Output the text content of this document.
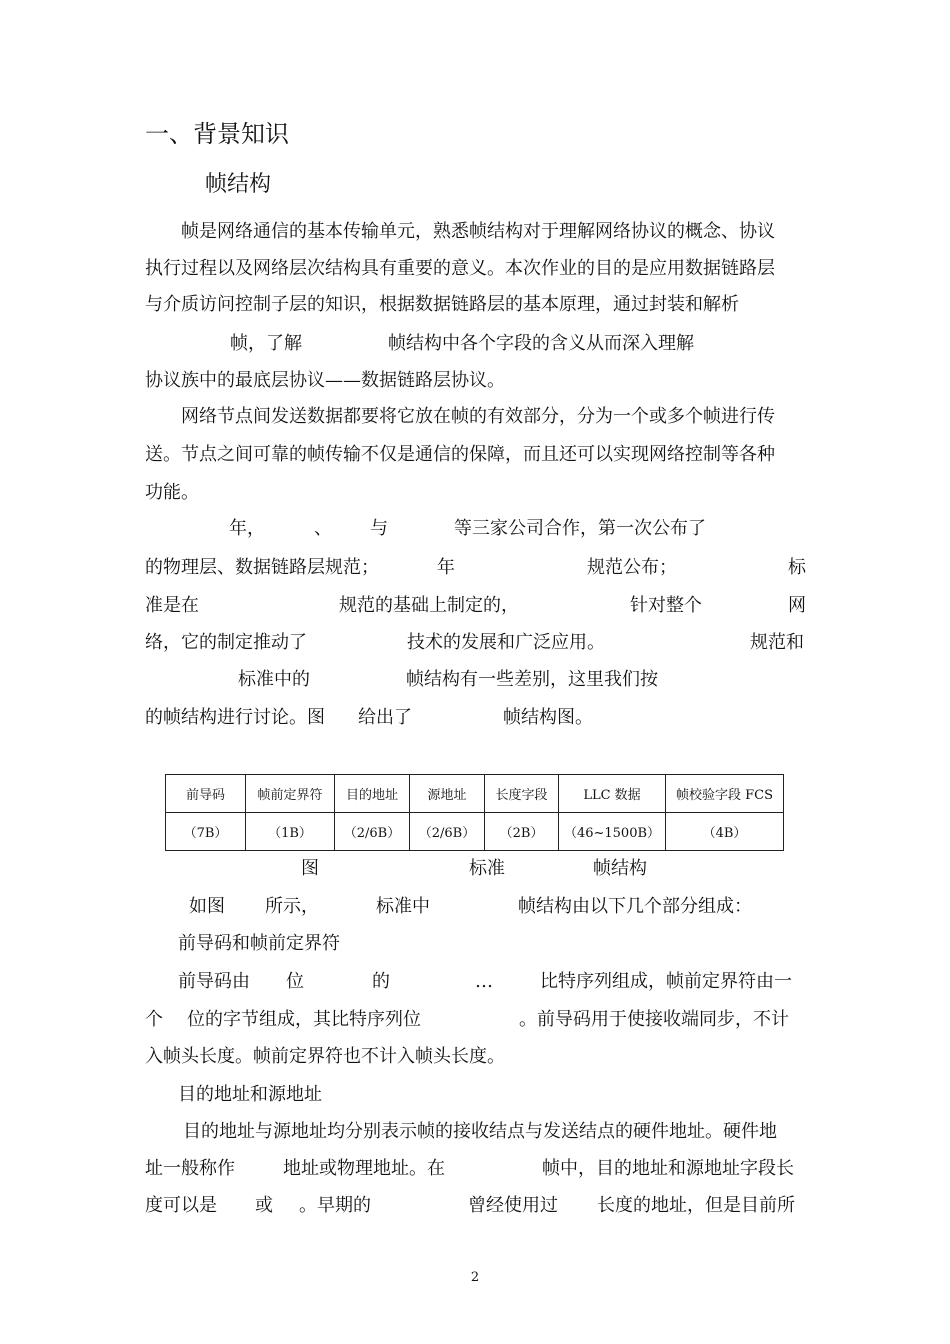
一、背景知识
帧结构
帧是网络通信的基本传输单元，熟悉帧结构对于理解网络协议的概念、协议
执行过程以及网络层次结构具有重要的意义。本次作业的目的是应用数据链路层
与介质访问控制子层的知识，根据数据链路层的基本原理，通过封装和解析
帧，了解	帧结构中各个字段的含义从而深入理解
协议族中的最底层协议——数据链路层协议。
网络节点间发送数据都要将它放在帧的有效部分，分为一个或多个帧进行传
送。节点之间可靠的帧传输不仅是通信的保障，而且还可以实现网络控制等各种
功能。
年，	、 与	等三家公司合作，第一次公布了
的物理层、数据链路层规范；	年	规范公布；	标
准是在	规范的基础上制定的，	针对整个	网
络，它的制定推动了	技术的发展和广泛应用。	规范和
标准中的	帧结构有一些差别，这里我们按
的帧结构进行讨论。图 给出了	帧结构图。
前导码	帧前定界符	目的地址	源地址	长度字段	LLC 数据	帧校验字段 FCS
（7B）	（1B）	（2/6B）	（2/6B）	（2B）	（46~1500B）	（4B）
图	标准	帧结构
如图 所示，	标准中	帧结构由以下几个部分组成：
前导码和帧前定界符
前导码由 位	的	…	比特序列组成，帧前定界符由一
个 位的字节组成，其比特序列位	。前导码用于使接收端同步，不计
入帧头长度。帧前定界符也不计入帧头长度。
目的地址和源地址
目的地址与源地址均分别表示帧的接收结点与发送结点的硬件地址。硬件地
址一般称作	地址或物理地址。在	帧中，目的地址和源地址字段长
度可以是 或 。早期的	曾经使用过 长度的地址，但是目前所
2
